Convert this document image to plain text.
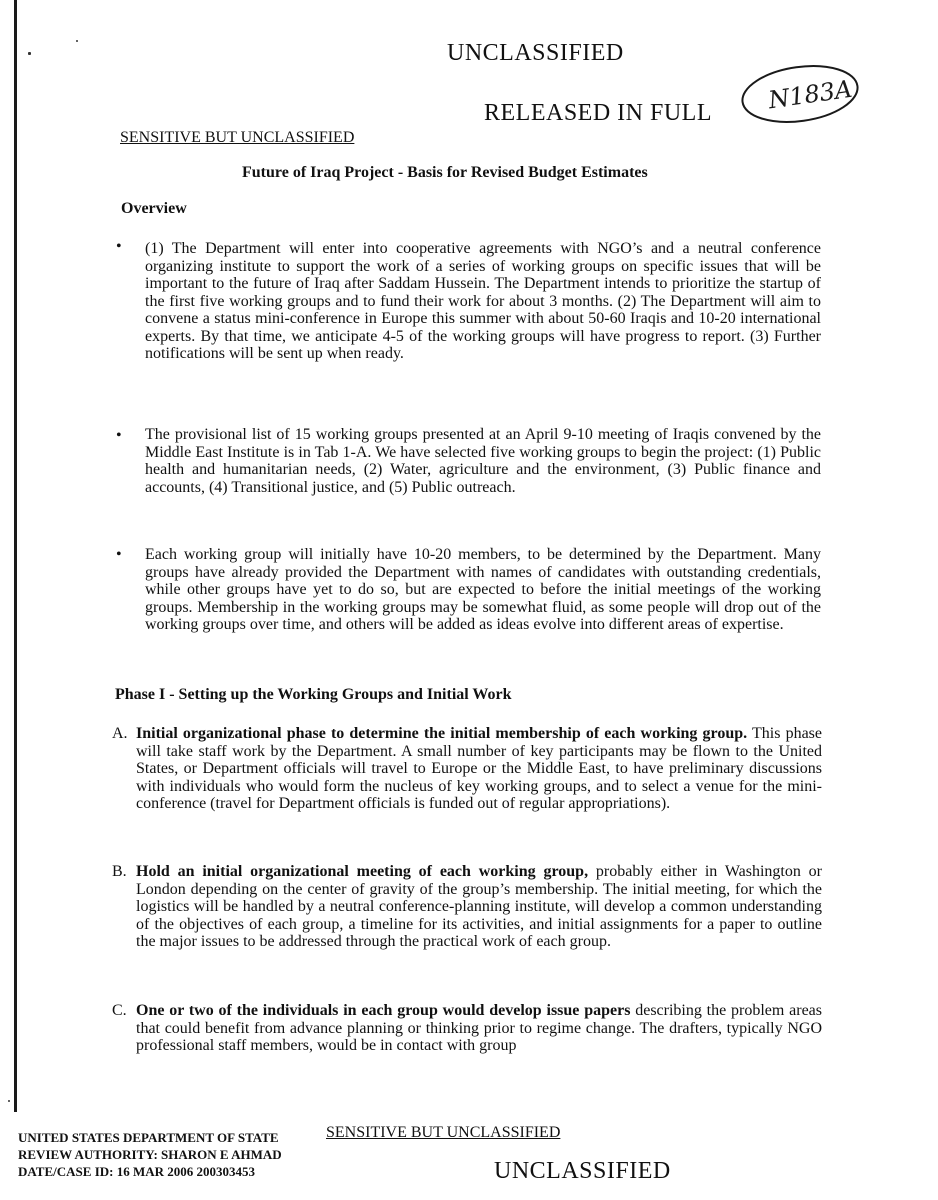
UNCLASSIFIED
RELEASED IN FULL N183A
SENSITIVE BUT UNCLASSIFIED
Future of Iraq Project - Basis for Revised Budget Estimates
Overview
• (1) The Department will enter into cooperative agreements with NGO’s and a neutral conference organizing institute to support the work of a series of working groups on specific issues that will be important to the future of Iraq after Saddam Hussein. The Department intends to prioritize the startup of the first five working groups and to fund their work for about 3 months. (2) The Department will aim to convene a status mini-conference in Europe this summer with about 50-60 Iraqis and 10-20 international experts. By that time, we anticipate 4-5 of the working groups will have progress to report. (3) Further notifications will be sent up when ready.

• The provisional list of 15 working groups presented at an April 9-10 meeting of Iraqis convened by the Middle East Institute is in Tab 1-A. We have selected five working groups to begin the project: (1) Public health and humanitarian needs, (2) Water, agriculture and the environment, (3) Public finance and accounts, (4) Transitional justice, and (5) Public outreach.

• Each working group will initially have 10-20 members, to be determined by the Department. Many groups have already provided the Department with names of candidates with outstanding credentials, while other groups have yet to do so, but are expected to before the initial meetings of the working groups. Membership in the working groups may be somewhat fluid, as some people will drop out of the working groups over time, and others will be added as ideas evolve into different areas of expertise.

Phase I - Setting up the Working Groups and Initial Work
A. Initial organizational phase to determine the initial membership of each working group. This phase will take staff work by the Department. A small number of key participants may be flown to the United States, or Department officials will travel to Europe or the Middle East, to have preliminary discussions with individuals who would form the nucleus of key working groups, and to select a venue for the mini-conference (travel for Department officials is funded out of regular appropriations).

B. Hold an initial organizational meeting of each working group, probably either in Washington or London depending on the center of gravity of the group’s membership. The initial meeting, for which the logistics will be handled by a neutral conference-planning institute, will develop a common understanding of the objectives of each group, a timeline for its activities, and initial assignments for a paper to outline the major issues to be addressed through the practical work of each group.

C. One or two of the individuals in each group would develop issue papers describing the problem areas that could benefit from advance planning or thinking prior to regime change. The drafters, typically NGO professional staff members, would be in contact with group

UNITED STATES DEPARTMENT OF STATE	SENSITIVE BUT UNCLASSIFIED
REVIEW AUTHORITY: SHARON E AHMAD
DATE/CASE ID: 16 MAR 2006 200303453	UNCLASSIFIED
